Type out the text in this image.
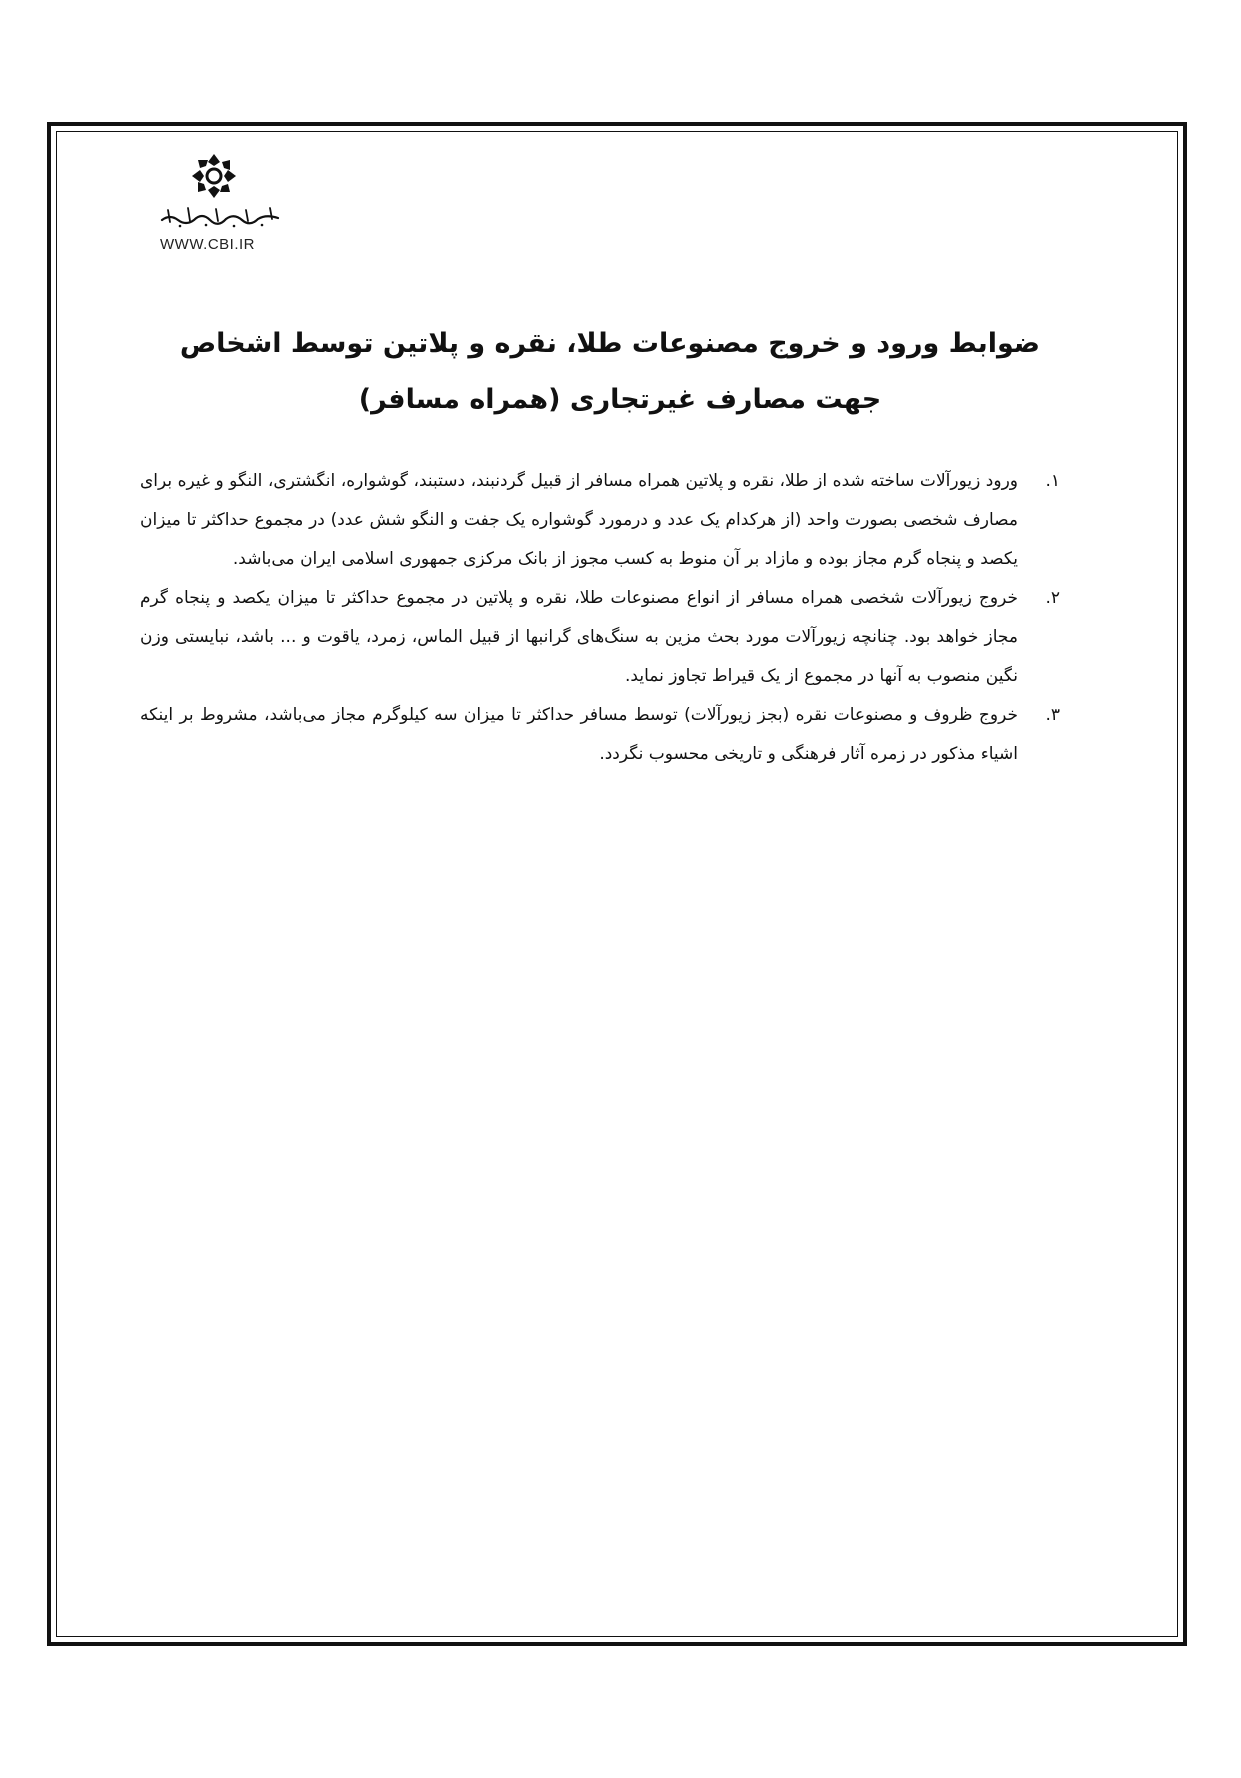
WWW.CBI.IR
ضوابط ورود و خروج مصنوعات طلا، نقره و پلاتین توسط اشخاص
جهت مصارف غیرتجاری (همراه مسافر)
۱.
ورود زیورآلات ساخته شده از طلا، نقره و پلاتین همراه مسافر از قبیل گردنبند، دستبند، گوشواره، انگشتری، النگو و غیره برای مصارف شخصی بصورت واحد (از هرکدام یک عدد و درمورد گوشواره یک جفت و النگو شش عدد) در مجموع حداکثر تا میزان یکصد و پنجاه گرم مجاز بوده و مازاد بر آن منوط به کسب مجوز از بانک مرکزی جمهوری اسلامی ایران می‌باشد.
۲.
خروج زیورآلات شخصی همراه مسافر از انواع مصنوعات طلا، نقره و پلاتین در مجموع حداکثر تا میزان یکصد و پنجاه گرم مجاز خواهد بود. چنانچه زیورآلات مورد بحث مزین به سنگ‌های گرانبها از قبیل الماس، زمرد، یاقوت و ... باشد، نبایستی وزن نگین منصوب به آنها در مجموع از یک قیراط تجاوز نماید.
۳.
خروج ظروف و مصنوعات نقره (بجز زیورآلات) توسط مسافر حداکثر تا میزان سه کیلوگرم مجاز می‌باشد، مشروط بر اینکه اشیاء مذکور در زمره آثار فرهنگی و تاریخی محسوب نگردد.
